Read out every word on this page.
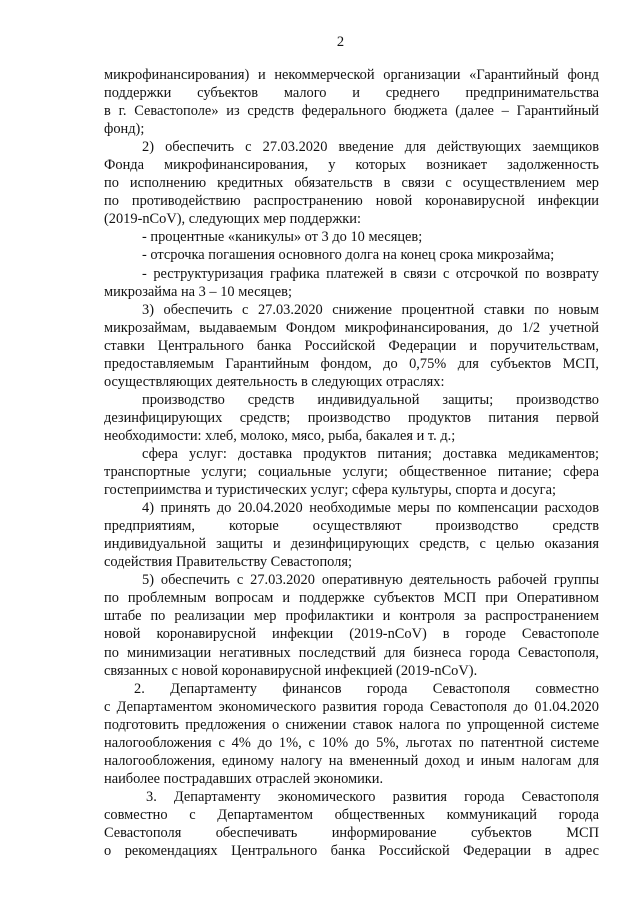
2
микрофинансирования) и некоммерческой организации «Гарантийный фонд
поддержки субъектов малого и среднего предпринимательства
в г. Севастополе» из средств федерального бюджета (далее – Гарантийный
фонд);
2) обеспечить с 27.03.2020 введение для действующих заемщиков
Фонда микрофинансирования, у которых возникает задолженность
по исполнению кредитных обязательств в связи с осуществлением мер
по противодействию распространению новой коронавирусной инфекции
(2019-nCoV), следующих мер поддержки:
- процентные «каникулы» от 3 до 10 месяцев;
- отсрочка погашения основного долга на конец срока микрозайма;
- реструктуризация графика платежей в связи с отсрочкой по возврату
микрозайма на 3 – 10 месяцев;
3) обеспечить с 27.03.2020 снижение процентной ставки по новым
микрозаймам, выдаваемым Фондом микрофинансирования, до 1/2 учетной
ставки Центрального банка Российской Федерации и поручительствам,
предоставляемым Гарантийным фондом, до 0,75% для субъектов МСП,
осуществляющих деятельность в следующих отраслях:
производство средств индивидуальной защиты; производство
дезинфицирующих средств; производство продуктов питания первой
необходимости: хлеб, молоко, мясо, рыба, бакалея и т. д.;
сфера услуг: доставка продуктов питания; доставка медикаментов;
транспортные услуги; социальные услуги; общественное питание; сфера
гостеприимства и туристических услуг; сфера культуры, спорта и досуга;
4) принять до 20.04.2020 необходимые меры по компенсации расходов
предприятиям, которые осуществляют производство средств
индивидуальной защиты и дезинфицирующих средств, с целью оказания
содействия Правительству Севастополя;
5) обеспечить с 27.03.2020 оперативную деятельность рабочей группы
по проблемным вопросам и поддержке субъектов МСП при Оперативном
штабе по реализации мер профилактики и контроля за распространением
новой коронавирусной инфекции (2019-nCoV) в городе Севастополе
по минимизации негативных последствий для бизнеса города Севастополя,
связанных с новой коронавирусной инфекцией (2019-nCoV).
2. Департаменту финансов города Севастополя совместно
с Департаментом экономического развития города Севастополя до 01.04.2020
подготовить предложения о снижении ставок налога по упрощенной системе
налогообложения с 4% до 1%, с 10% до 5%, льготах по патентной системе
налогообложения, единому налогу на вмененный доход и иным налогам для
наиболее пострадавших отраслей экономики.
3. Департаменту экономического развития города Севастополя
совместно с Департаментом общественных коммуникаций города
Севастополя обеспечивать информирование субъектов МСП
о рекомендациях Центрального банка Российской Федерации в адрес
